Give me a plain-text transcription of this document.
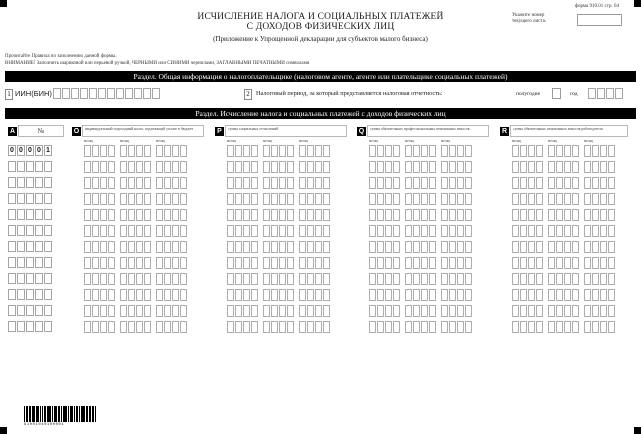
форма 910.01 стр. 04
Укажите номер текущего листа.
ИСЧИСЛЕНИЕ НАЛОГА И СОЦИАЛЬНЫХ ПЛАТЕЖЕЙ
С ДОХОДОВ ФИЗИЧЕСКИХ ЛИЦ
(Приложение к Упрощенной декларации для субъектов малого бизнеса)
Прочитайте Правила по заполнению данной формы.
ВНИМАНИЕ! Заполнить шариковой или перьевой ручкой, ЧЕРНЫМИ или СИНИМИ чернилами, ЗАГЛАВНЫМИ ПЕЧАТНЫМИ символами
Раздел. Общая информация о налогоплательщике (налоговом агенте, агенте или плательщике социальных платежей)
1 ИИН(БИН)	2 Налоговый период, за который представляется налоговая отчетность:	полугодие	год
Раздел. Исчисление налога и социальных платежей с доходов физических лиц
A	№	O	индивидуальный подоходный налог, подлежащий уплате в бюджет	P	сумма социальных отчислений	Q	сумма обязательных профессиональных пенсионных взносов	R	сумма обязательных пенсионных взносов работодателя
месяц	месяц	месяц	месяц	месяц	месяц	месяц	месяц	месяц	месяц	месяц	месяц
0 0 0 0 1
91001040100001
